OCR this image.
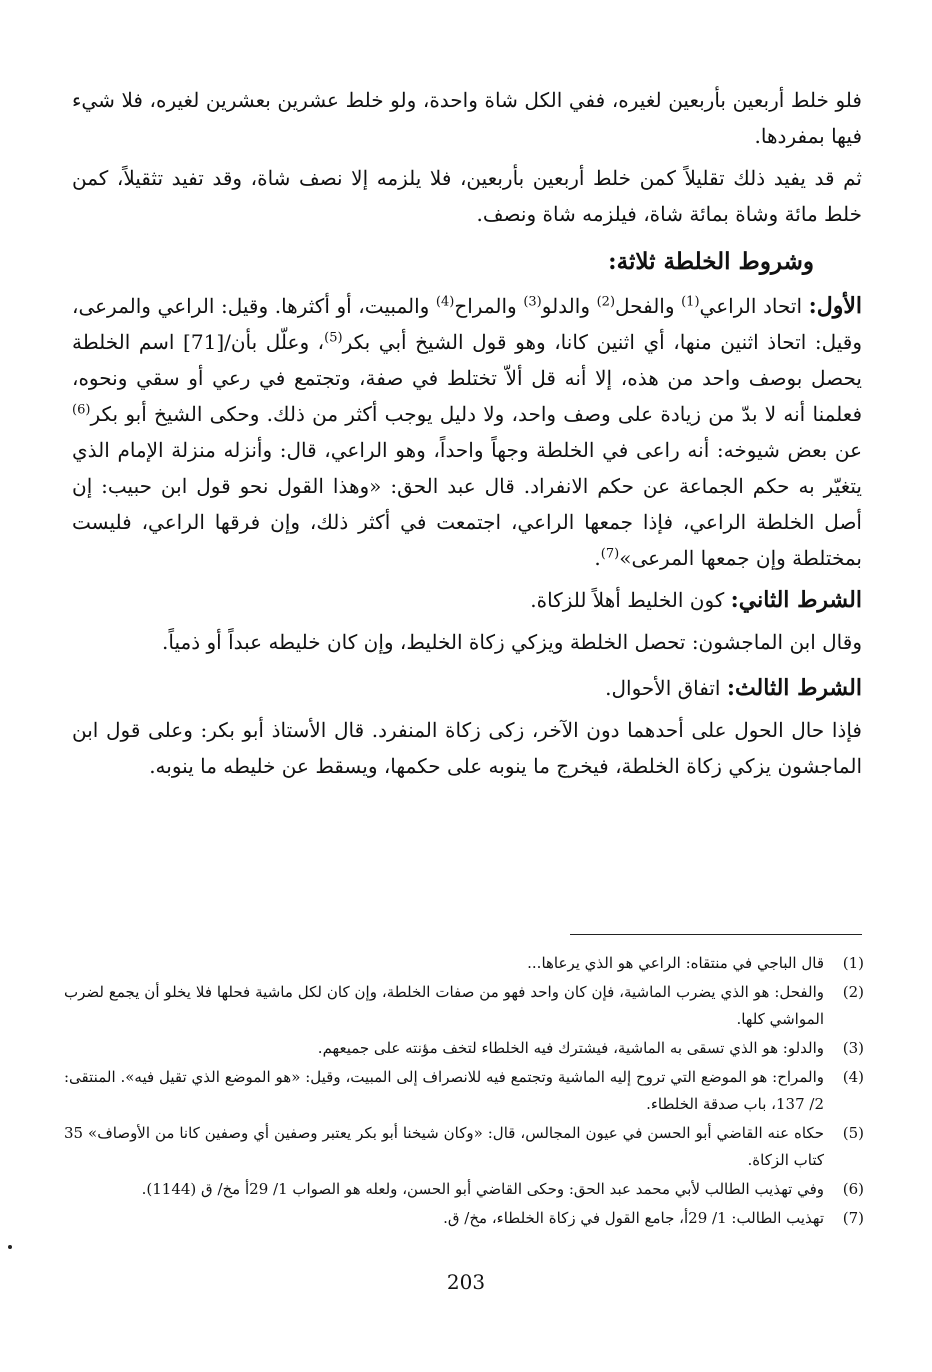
فلو خلط أربعين بأربعين لغيره، ففي الكل شاة واحدة، ولو خلط عشرين بعشرين لغيره، فلا شيء فيها بمفردها.

ثم قد يفيد ذلك تقليلاً كمن خلط أربعين بأربعين، فلا يلزمه إلا نصف شاة، وقد تفيد تثقيلاً، كمن خلط مائة وشاة بمائة شاة، فيلزمه شاة ونصف.

وشروط الخلطة ثلاثة:

الأول: اتحاد الراعي$^{(1)}$ والفحل$^{(2)}$ والدلو$^{(3)}$ والمراح$^{(4)}$ والمبيت، أو أكثرها. وقيل: الراعي والمرعى، وقيل: اتحاذ اثنين منها، أي اثنين كانا، وهو قول الشيخ أبي بكر$^{(5)}$، وعلّل بأن/[71] اسم الخلطة يحصل بوصف واحد من هذه، إلا أنه قل ألاّ تختلط في صفة، وتجتمع في رعي أو سقي ونحوه، فعلمنا أنه لا بدّ من زيادة على وصف واحد، ولا دليل يوجب أكثر من ذلك. وحكى الشيخ أبو بكر$^{(6)}$ عن بعض شيوخه: أنه راعى في الخلطة وجهاً واحداً، وهو الراعي، قال: وأنزله منزلة الإمام الذي يتغيّر به حكم الجماعة عن حكم الانفراد. قال عبد الحق: «وهذا القول نحو قول ابن حبيب: إن أصل الخلطة الراعي، فإذا جمعها الراعي، اجتمعت في أكثر ذلك، وإن فرقها الراعي، فليست بمختلطة وإن جمعها المرعى»$^{(7)}$.

الشرط الثاني: كون الخليط أهلاً للزكاة.

وقال ابن الماجشون: تحصل الخلطة ويزكي زكاة الخليط، وإن كان خليطه عبداً أو ذمياً.

الشرط الثالث: اتفاق الأحوال.

فإذا حال الحول على أحدهما دون الآخر، زكى زكاة المنفرد. قال الأستاذ أبو بكر: وعلى قول ابن الماجشون يزكي زكاة الخلطة، فيخرج ما ينوبه على حكمها، ويسقط عن خليطه ما ينوبه.

(1)
قال الباجي في منتقاه: الراعي هو الذي يرعاها...
(2)
والفحل: هو الذي يضرب الماشية، فإن كان واحد فهو من صفات الخلطة، وإن كان لكل ماشية فحلها فلا يخلو أن يجمع لضرب المواشي كلها.
(3)
والدلو: هو الذي تسقى به الماشية، فيشترك فيه الخلطاء لتخف مؤنته على جميعهم.
(4)
والمراح: هو الموضع التي تروح إليه الماشية وتجتمع فيه للانصراف إلى المبيت، وقيل: «هو الموضع الذي تقيل فيه». المنتقى: 2/ 137، باب صدقة الخلطاء.
(5)
حكاه عنه القاضي أبو الحسن في عيون المجالس، قال: «وكان شيخنا أبو بكر يعتبر وصفين أي وصفين كانا من الأوصاف» 35 كتاب الزكاة.
(6)
وفي تهذيب الطالب لأبي محمد عبد الحق: وحكى القاضي أبو الحسن، ولعله هو الصواب 1/ 29أ مخ/ ق (1144).
(7)
تهذيب الطالب: 1/ 29أ، جامع القول في زكاة الخلطاء، مخ/ ق.
203
